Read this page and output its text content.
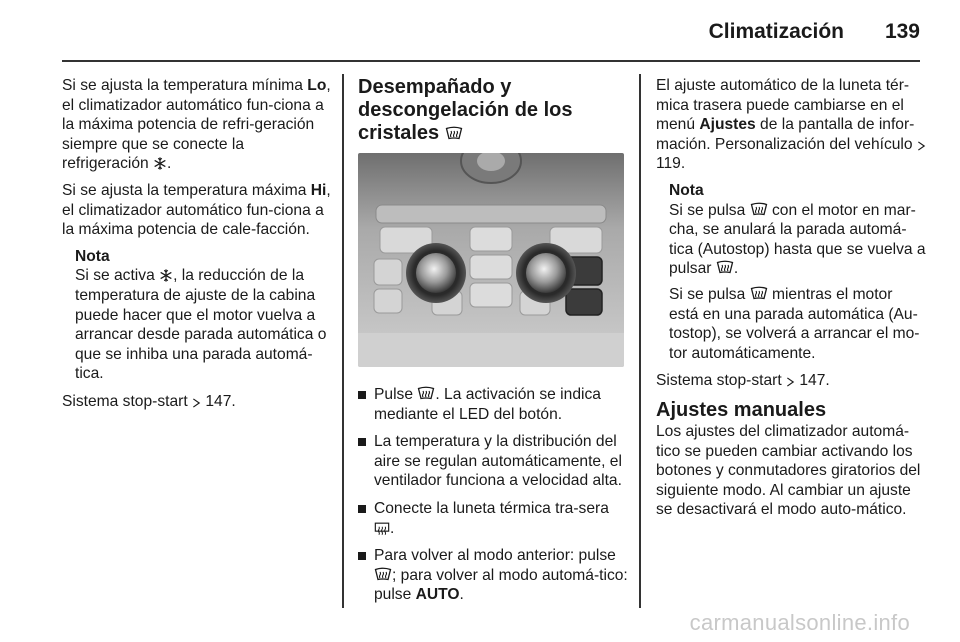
Climatización 139

Si se ajusta la temperatura mínima Lo, el climatizador automático fun-ciona a la máxima potencia de refri-geración siempre que se conecte la refrigeración .

Si se ajusta la temperatura máxima Hi, el climatizador automático fun-ciona a la máxima potencia de cale-facción.

Nota

Si se activa , la reducción de la temperatura de ajuste de la cabina puede hacer que el motor vuelva a arrancar desde parada automática o que se inhiba una parada automá-tica.

Sistema stop-start 147.

Desempañado y descongelación de los cristales
Pulse . La activación se indica mediante el LED del botón.
La temperatura y la distribución del aire se regulan automáticamente, el ventilador funciona a velocidad alta.
Conecte la luneta térmica tra-sera .
Para volver al modo anterior: pulse ; para volver al modo automá-tico: pulse AUTO.

El ajuste automático de la luneta tér-mica trasera puede cambiarse en el menú Ajustes de la pantalla de infor-mación. Personalización del vehículo  119.

Nota

Si se pulsa con el motor en mar-cha, se anulará la parada automá-tica (Autostop) hasta que se vuelva a pulsar .

Si se pulsa mientras el motor está en una parada automática (Au-tostop), se volverá a arrancar el mo-tor automáticamente.

Sistema stop-start 147.

Ajustes manuales

Los ajustes del climatizador automá-tico se pueden cambiar activando los botones y conmutadores giratorios del siguiente modo. Al cambiar un ajuste se desactivará el modo auto-mático.

carmanualsonline.info
